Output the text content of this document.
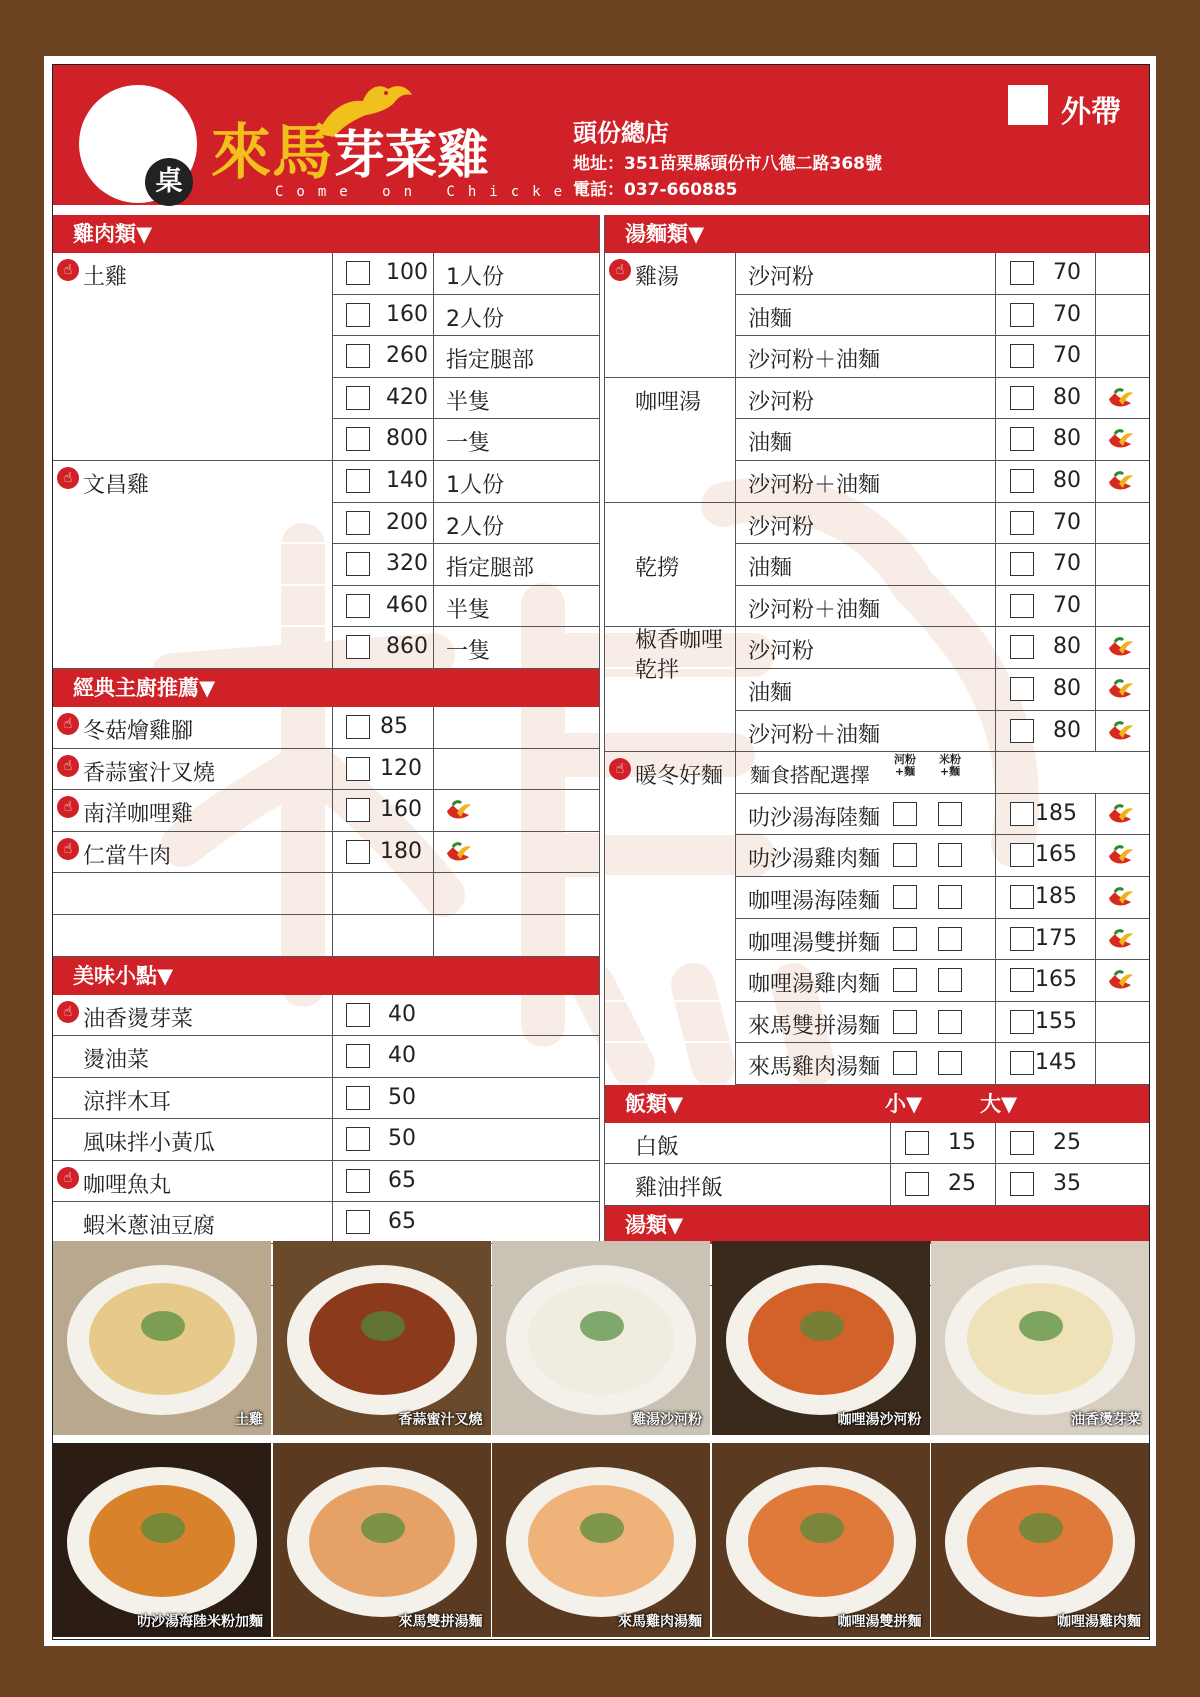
桌 來馬芽菜雞
Come on Chicken
頭份總店
地址：351苗栗縣頭份市八德二路368號
電話：037-660885
外帶
雞肉類▼
☝ 土雞	100 1人份
160 2人份
260 指定腿部
420 半隻
800 一隻
☝ 文昌雞	140 1人份
200 2人份
320 指定腿部
460 半隻
860 一隻
經典主廚推薦▼
☝ 冬菇燴雞腳	85
☝ 香蒜蜜汁叉燒	120
☝ 南洋咖哩雞	160
☝ 仁當牛肉	180
美味小點▼
☝ 油香燙芽菜	40
燙油菜	40
涼拌木耳	50
風味拌小黃瓜	50
☝ 咖哩魚丸	65
蝦米蔥油豆腐	65
湯麵類▼
☝ 雞湯	沙河粉	70
油麵	70
沙河粉＋油麵	70
咖哩湯 沙河粉	80
油麵	80
沙河粉＋油麵	80
沙河粉	70
乾撈	油麵	70
沙河粉＋油麵	70
椒香咖哩乾拌
沙河粉	80
油麵	80
沙河粉＋油麵	80
☝ 暖冬好麵 麵食搭配選擇
河粉+麵
米粉+麵
叻沙湯海陸麵	185
叻沙湯雞肉麵	165
咖哩湯海陸麵	185
咖哩湯雙拼麵	175
咖哩湯雞肉麵	165
來馬雙拼湯麵	155
來馬雞肉湯麵	145
飯類▼	小▼	大▼
白飯	15	25
雞油拌飯	25	35
湯類▼
土雞	香蒜蜜汁叉燒	雞湯沙河粉	咖哩湯沙河粉	油香燙芽菜
叻沙湯海陸米粉加麵	來馬雙拼湯麵	來馬雞肉湯麵	咖哩湯雙拼麵	咖哩湯雞肉麵
